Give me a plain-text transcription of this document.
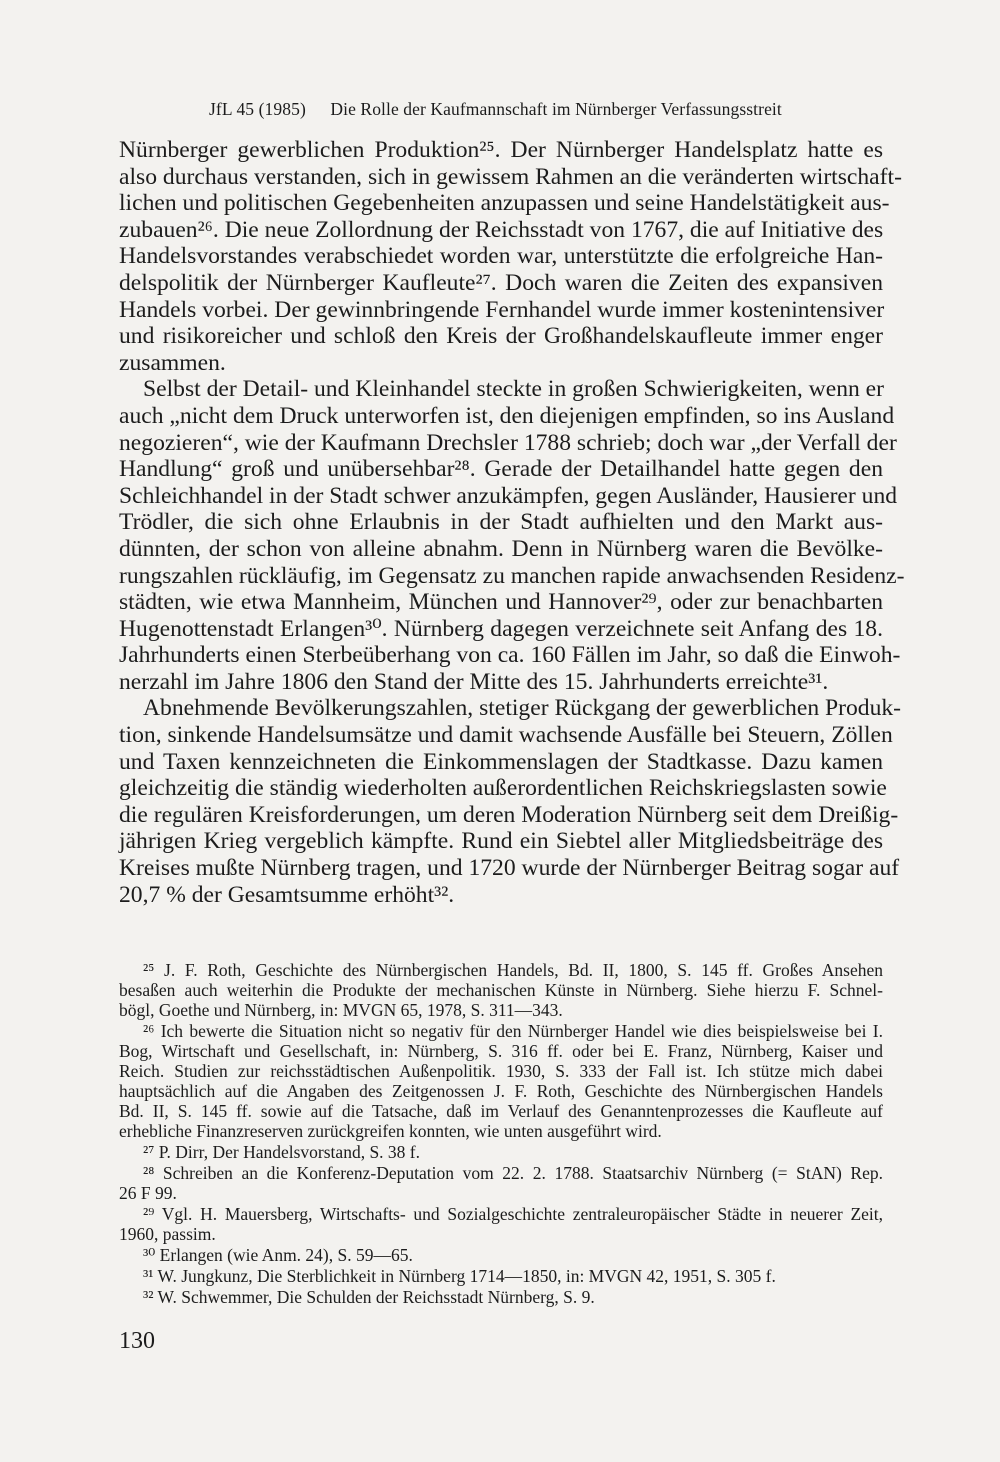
JfL 45 (1985) Die Rolle der Kaufmannschaft im Nürnberger Verfassungsstreit
Nürnberger gewerblichen Produktion²⁵. Der Nürnberger Handelsplatz hatte es
also durchaus verstanden, sich in gewissem Rahmen an die veränderten wirtschaft-
lichen und politischen Gegebenheiten anzupassen und seine Handelstätigkeit aus-
zubauen²⁶. Die neue Zollordnung der Reichsstadt von 1767, die auf Initiative des
Handelsvorstandes verabschiedet worden war, unterstützte die erfolgreiche Han-
delspolitik der Nürnberger Kaufleute²⁷. Doch waren die Zeiten des expansiven
Handels vorbei. Der gewinnbringende Fernhandel wurde immer kostenintensiver
und risikoreicher und schloß den Kreis der Großhandelskaufleute immer enger
zusammen.
Selbst der Detail- und Kleinhandel steckte in großen Schwierigkeiten, wenn er
auch „nicht dem Druck unterworfen ist, den diejenigen empfinden, so ins Ausland
negozieren“, wie der Kaufmann Drechsler 1788 schrieb; doch war „der Verfall der
Handlung“ groß und unübersehbar²⁸. Gerade der Detailhandel hatte gegen den
Schleichhandel in der Stadt schwer anzukämpfen, gegen Ausländer, Hausierer und
Trödler, die sich ohne Erlaubnis in der Stadt aufhielten und den Markt aus-
dünnten, der schon von alleine abnahm. Denn in Nürnberg waren die Bevölke-
rungszahlen rückläufig, im Gegensatz zu manchen rapide anwachsenden Residenz-
städten, wie etwa Mannheim, München und Hannover²⁹, oder zur benachbarten
Hugenottenstadt Erlangen³⁰. Nürnberg dagegen verzeichnete seit Anfang des 18.
Jahrhunderts einen Sterbeüberhang von ca. 160 Fällen im Jahr, so daß die Einwoh-
nerzahl im Jahre 1806 den Stand der Mitte des 15. Jahrhunderts erreichte³¹.
Abnehmende Bevölkerungszahlen, stetiger Rückgang der gewerblichen Produk-
tion, sinkende Handelsumsätze und damit wachsende Ausfälle bei Steuern, Zöllen
und Taxen kennzeichneten die Einkommenslagen der Stadtkasse. Dazu kamen
gleichzeitig die ständig wiederholten außerordentlichen Reichskriegslasten sowie
die regulären Kreisforderungen, um deren Moderation Nürnberg seit dem Dreißig-
jährigen Krieg vergeblich kämpfte. Rund ein Siebtel aller Mitgliedsbeiträge des
Kreises mußte Nürnberg tragen, und 1720 wurde der Nürnberger Beitrag sogar auf
20,7 % der Gesamtsumme erhöht³².
²⁵ J. F. Roth, Geschichte des Nürnbergischen Handels, Bd. II, 1800, S. 145 ff. Großes Ansehen
besaßen auch weiterhin die Produkte der mechanischen Künste in Nürnberg. Siehe hierzu F. Schnel-
bögl, Goethe und Nürnberg, in: MVGN 65, 1978, S. 311—343.
²⁶ Ich bewerte die Situation nicht so negativ für den Nürnberger Handel wie dies beispielsweise bei I.
Bog, Wirtschaft und Gesellschaft, in: Nürnberg, S. 316 ff. oder bei E. Franz, Nürnberg, Kaiser und
Reich. Studien zur reichsstädtischen Außenpolitik. 1930, S. 333 der Fall ist. Ich stütze mich dabei
hauptsächlich auf die Angaben des Zeitgenossen J. F. Roth, Geschichte des Nürnbergischen Handels
Bd. II, S. 145 ff. sowie auf die Tatsache, daß im Verlauf des Genanntenprozesses die Kaufleute auf
erhebliche Finanzreserven zurückgreifen konnten, wie unten ausgeführt wird.
²⁷ P. Dirr, Der Handelsvorstand, S. 38 f.
²⁸ Schreiben an die Konferenz-Deputation vom 22. 2. 1788. Staatsarchiv Nürnberg (= StAN) Rep.
26 F 99.
²⁹ Vgl. H. Mauersberg, Wirtschafts- und Sozialgeschichte zentraleuropäischer Städte in neuerer Zeit,
1960, passim.
³⁰ Erlangen (wie Anm. 24), S. 59—65.
³¹ W. Jungkunz, Die Sterblichkeit in Nürnberg 1714—1850, in: MVGN 42, 1951, S. 305 f.
³² W. Schwemmer, Die Schulden der Reichsstadt Nürnberg, S. 9.
130
